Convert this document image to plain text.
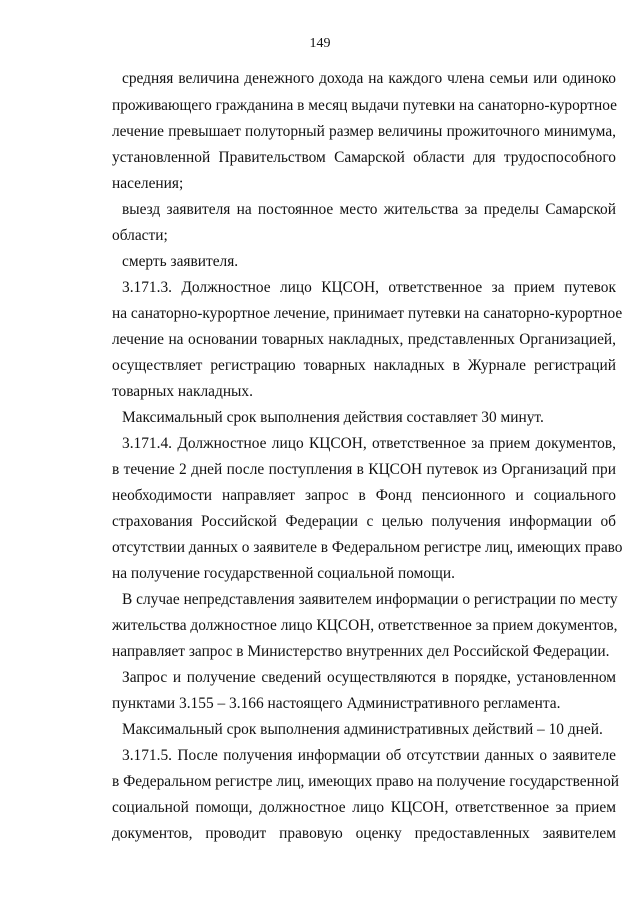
149
средняя величина денежного дохода на каждого члена семьи или одиноко
проживающего гражданина в месяц выдачи путевки на санаторно-курортное
лечение превышает полуторный размер величины прожиточного минимума,
установленной Правительством Самарской области для трудоспособного
населения;
выезд заявителя на постоянное место жительства за пределы Самарской
области;
смерть заявителя.
3.171.3. Должностное лицо КЦСОН, ответственное за прием путевок
на санаторно-курортное лечение, принимает путевки на санаторно-курортное
лечение на основании товарных накладных, представленных Организацией,
осуществляет регистрацию товарных накладных в Журнале регистраций
товарных накладных.
Максимальный срок выполнения действия составляет 30 минут.
3.171.4. Должностное лицо КЦСОН, ответственное за прием документов,
в течение 2 дней после поступления в КЦСОН путевок из Организаций при
необходимости направляет запрос в Фонд пенсионного и социального
страхования Российской Федерации с целью получения информации об
отсутствии данных о заявителе в Федеральном регистре лиц, имеющих право
на получение государственной социальной помощи.
В случае непредставления заявителем информации о регистрации по месту
жительства должностное лицо КЦСОН, ответственное за прием документов,
направляет запрос в Министерство внутренних дел Российской Федерации.
Запрос и получение сведений осуществляются в порядке, установленном
пунктами 3.155 – 3.166 настоящего Административного регламента.
Максимальный срок выполнения административных действий – 10 дней.
3.171.5. После получения информации об отсутствии данных о заявителе
в Федеральном регистре лиц, имеющих право на получение государственной
социальной помощи, должностное лицо КЦСОН, ответственное за прием
документов, проводит правовую оценку предоставленных заявителем
